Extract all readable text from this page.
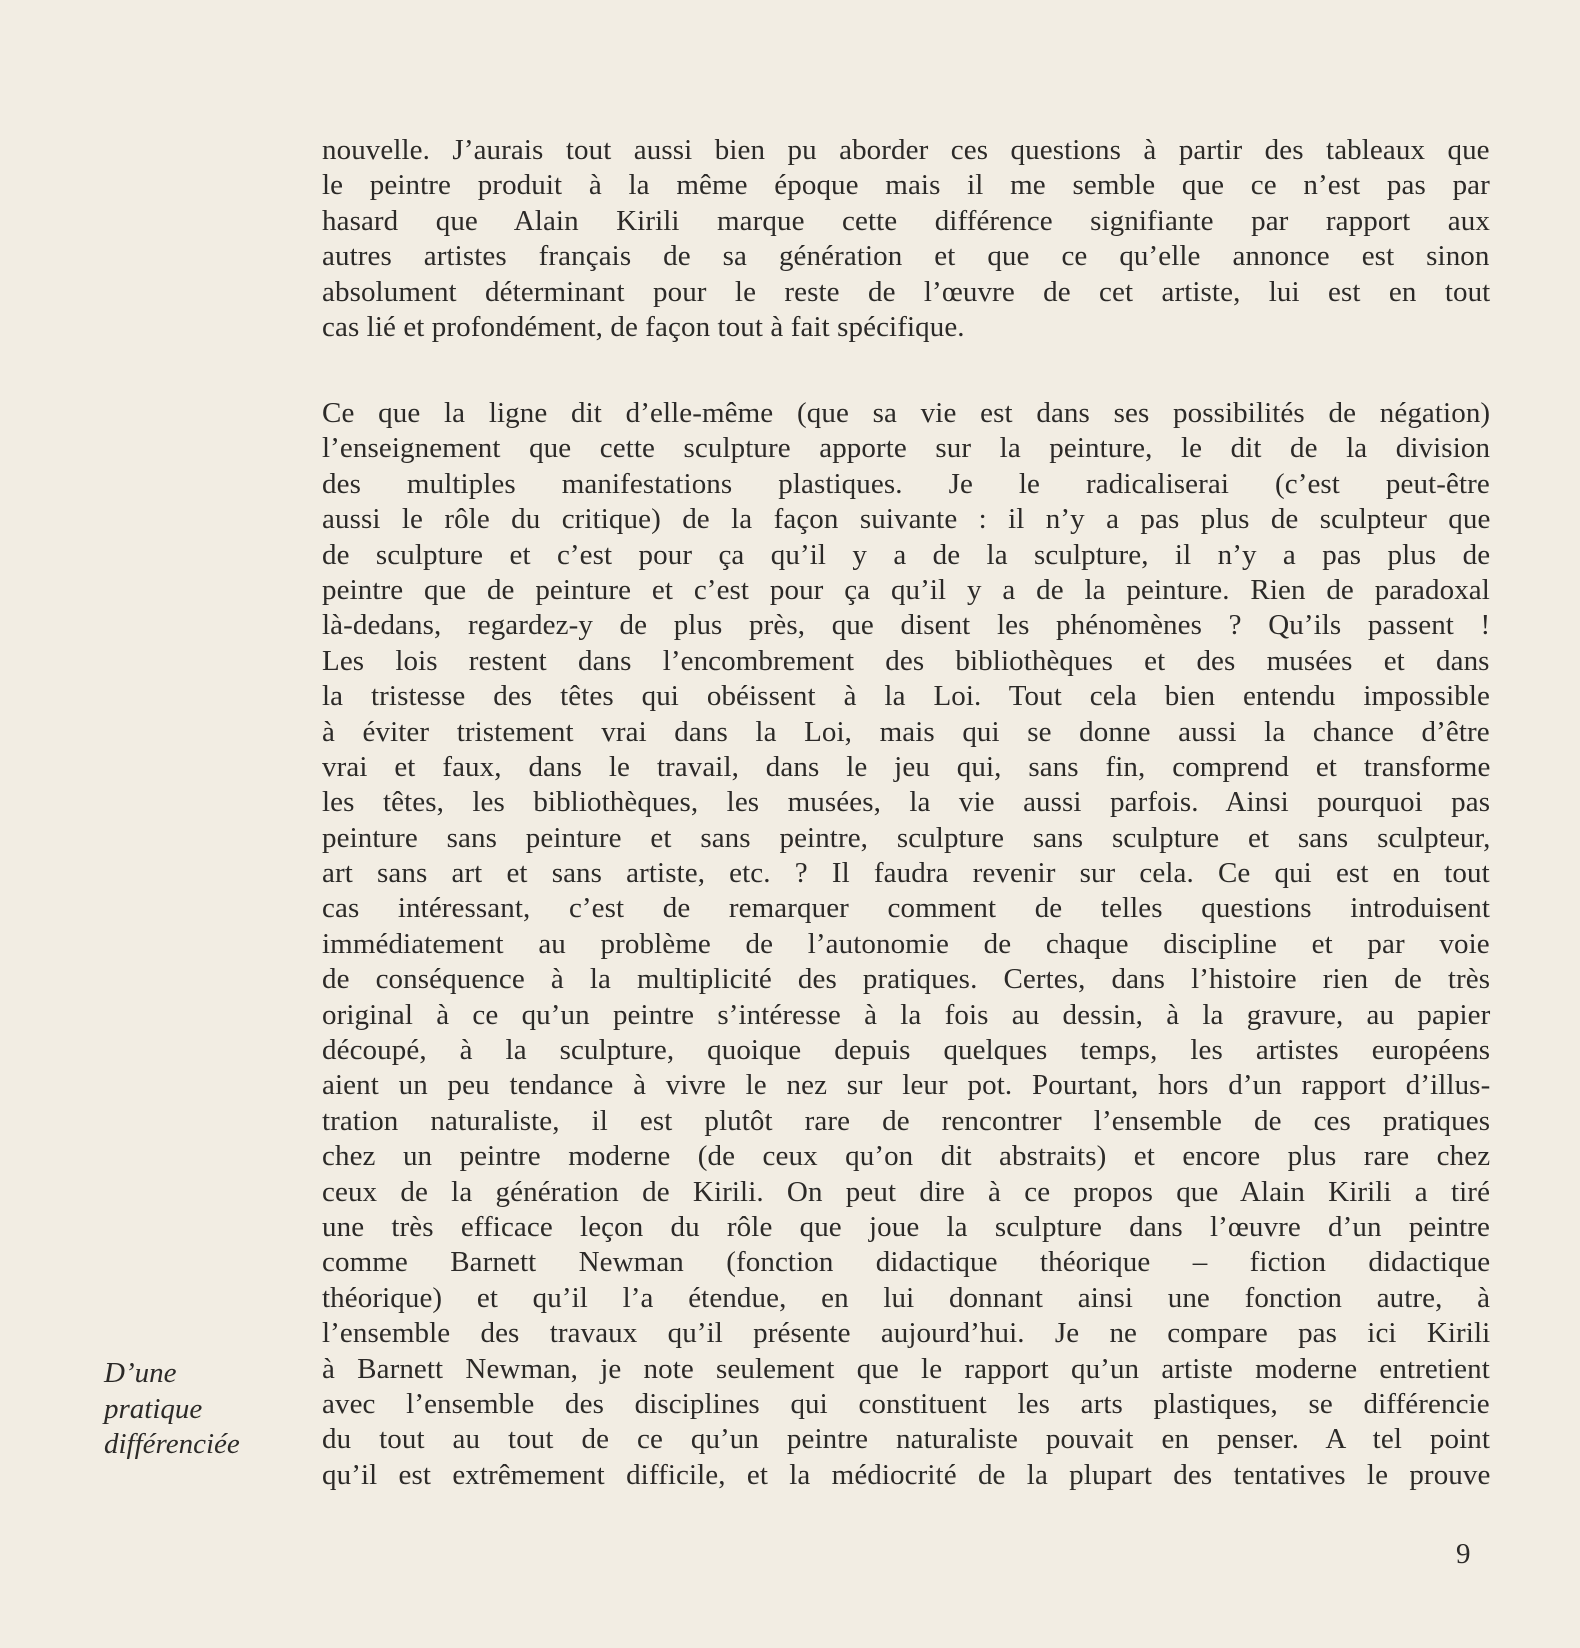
nouvelle. J’aurais tout aussi bien pu aborder ces questions à partir des tableaux que
le peintre produit à la même époque mais il me semble que ce n’est pas par
hasard que Alain Kirili marque cette différence signifiante par rapport aux
autres artistes français de sa génération et que ce qu’elle annonce est sinon
absolument déterminant pour le reste de l’œuvre de cet artiste, lui est en tout
cas lié et profondément, de façon tout à fait spécifique.
Ce que la ligne dit d’elle-même (que sa vie est dans ses possibilités de négation)
l’enseignement que cette sculpture apporte sur la peinture, le dit de la division
des multiples manifestations plastiques. Je le radicaliserai (c’est peut-être
aussi le rôle du critique) de la façon suivante : il n’y a pas plus de sculpteur que
de sculpture et c’est pour ça qu’il y a de la sculpture, il n’y a pas plus de
peintre que de peinture et c’est pour ça qu’il y a de la peinture. Rien de paradoxal
là-dedans, regardez-y de plus près, que disent les phénomènes ? Qu’ils passent !
Les lois restent dans l’encombrement des bibliothèques et des musées et dans
la tristesse des têtes qui obéissent à la Loi. Tout cela bien entendu impossible
à éviter tristement vrai dans la Loi, mais qui se donne aussi la chance d’être
vrai et faux, dans le travail, dans le jeu qui, sans fin, comprend et transforme
les têtes, les bibliothèques, les musées, la vie aussi parfois. Ainsi pourquoi pas
peinture sans peinture et sans peintre, sculpture sans sculpture et sans sculpteur,
art sans art et sans artiste, etc. ? Il faudra revenir sur cela. Ce qui est en tout
cas intéressant, c’est de remarquer comment de telles questions introduisent
immédiatement au problème de l’autonomie de chaque discipline et par voie
de conséquence à la multiplicité des pratiques. Certes, dans l’histoire rien de très
original à ce qu’un peintre s’intéresse à la fois au dessin, à la gravure, au papier
découpé, à la sculpture, quoique depuis quelques temps, les artistes européens
aient un peu tendance à vivre le nez sur leur pot. Pourtant, hors d’un rapport d’illus-
tration naturaliste, il est plutôt rare de rencontrer l’ensemble de ces pratiques
chez un peintre moderne (de ceux qu’on dit abstraits) et encore plus rare chez
ceux de la génération de Kirili. On peut dire à ce propos que Alain Kirili a tiré
une très efficace leçon du rôle que joue la sculpture dans l’œuvre d’un peintre
comme Barnett Newman (fonction didactique théorique – fiction didactique
théorique) et qu’il l’a étendue, en lui donnant ainsi une fonction autre, à
l’ensemble des travaux qu’il présente aujourd’hui. Je ne compare pas ici Kirili
à Barnett Newman, je note seulement que le rapport qu’un artiste moderne entretient
avec l’ensemble des disciplines qui constituent les arts plastiques, se différencie
du tout au tout de ce qu’un peintre naturaliste pouvait en penser. A tel point
qu’il est extrêmement difficile, et la médiocrité de la plupart des tentatives le prouve
D’une
pratique
différenciée
9
